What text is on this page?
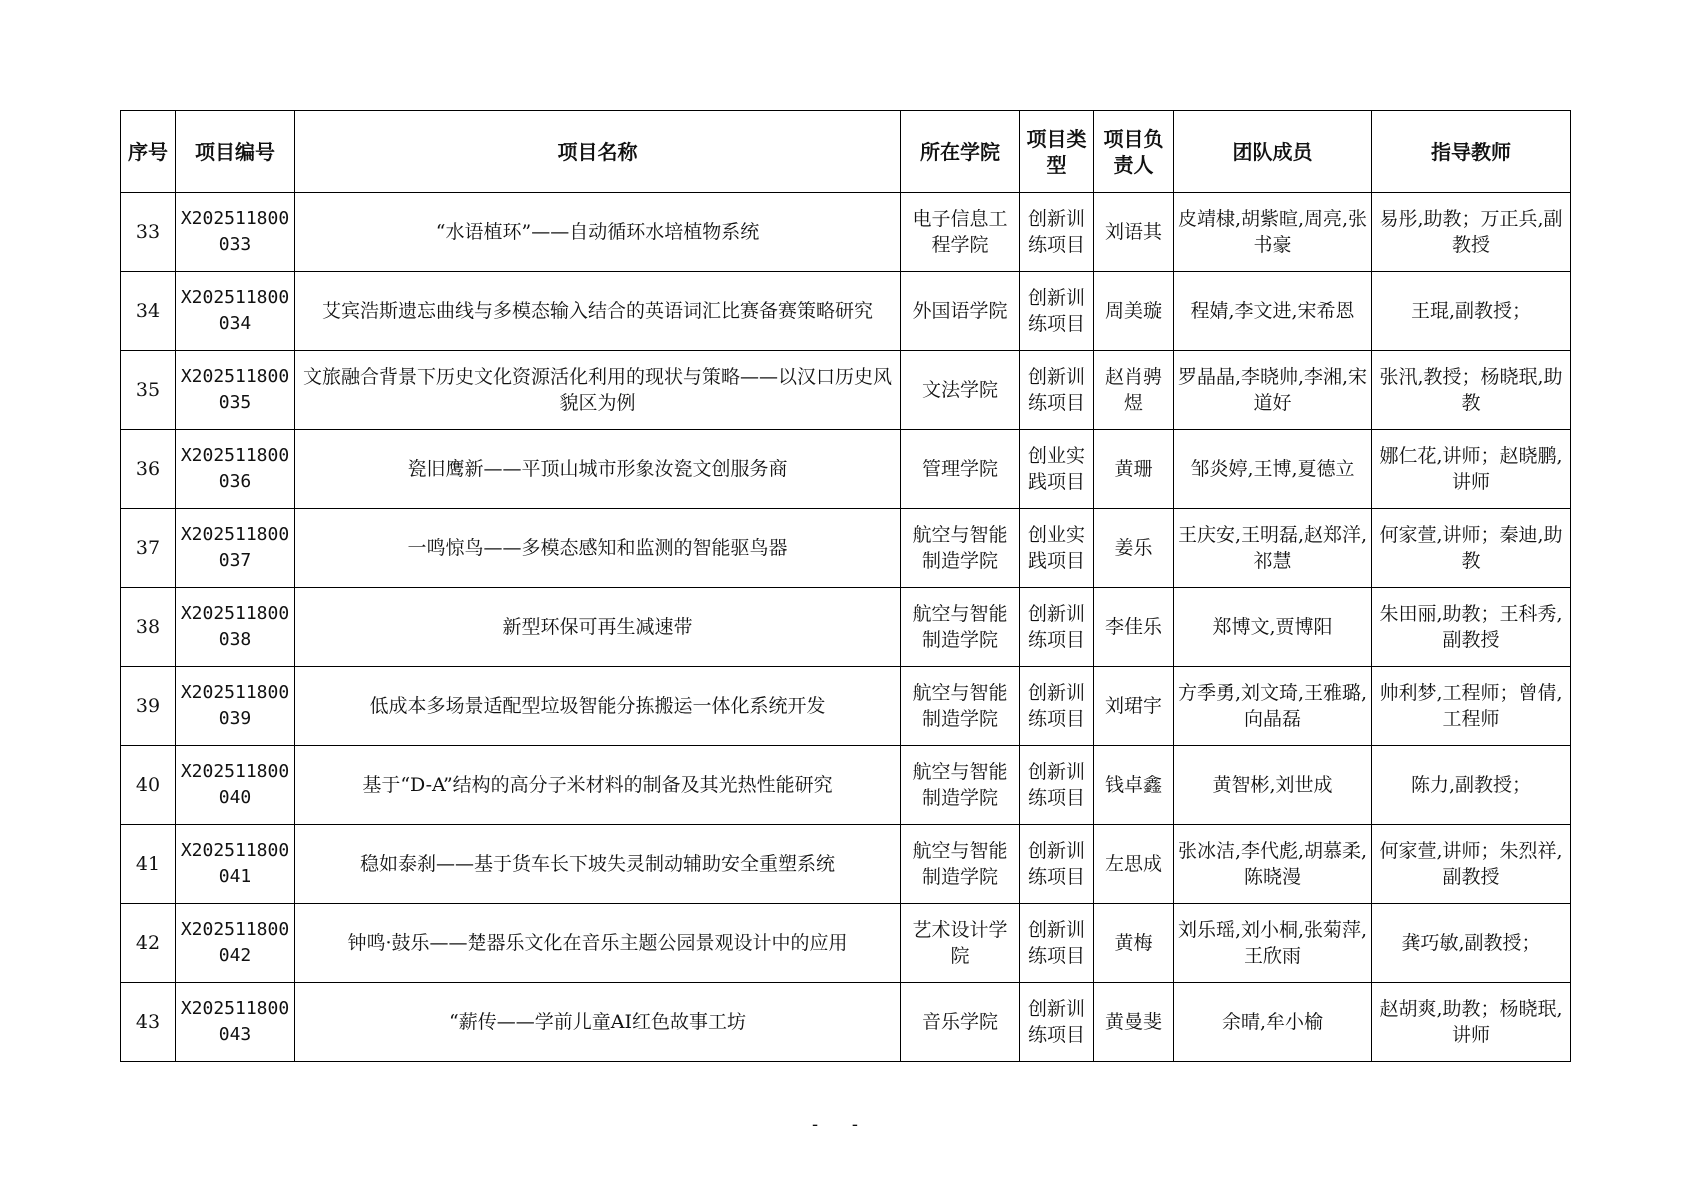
序号	项目编号	项目名称	所在学院	项目类型	项目负责人	团队成员	指导教师
33	X202511800033	“水语植环”——自动循环水培植物系统	电子信息工程学院	创新训练项目	刘语其	皮靖棣,胡紫暄,周亮,张书豪	易彤,助教；万正兵,副教授
34	X202511800034	艾宾浩斯遗忘曲线与多模态输入结合的英语词汇比赛备赛策略研究	外国语学院	创新训练项目	周美璇	程婧,李文进,宋希恩	王琨,副教授；
35	X202511800035	文旅融合背景下历史文化资源活化利用的现状与策略——以汉口历史风貌区为例	文法学院	创新训练项目	赵肖骋煜	罗晶晶,李晓帅,李湘,宋道好	张汛,教授；杨晓珉,助教
36	X202511800036	瓷旧鹰新——平顶山城市形象汝瓷文创服务商	管理学院	创业实践项目	黄珊	邹炎婷,王博,夏德立	娜仁花,讲师；赵晓鹏,讲师
37	X202511800037	一鸣惊鸟——多模态感知和监测的智能驱鸟器	航空与智能制造学院	创业实践项目	姜乐	王庆安,王明磊,赵郑洋,祁慧	何家萱,讲师；秦迪,助教
38	X202511800038	新型环保可再生减速带	航空与智能制造学院	创新训练项目	李佳乐	郑博文,贾博阳	朱田丽,助教；王科秀,副教授
39	X202511800039	低成本多场景适配型垃圾智能分拣搬运一体化系统开发	航空与智能制造学院	创新训练项目	刘珺宇	方季勇,刘文琦,王雅璐,向晶磊	帅利梦,工程师；曾倩,工程师
40	X202511800040	基于“D-A”结构的高分子米材料的制备及其光热性能研究	航空与智能制造学院	创新训练项目	钱卓鑫	黄智彬,刘世成	陈力,副教授；
41	X202511800041	稳如泰刹——基于货车长下坡失灵制动辅助安全重塑系统	航空与智能制造学院	创新训练项目	左思成	张冰洁,李代彪,胡慕柔,陈晓漫	何家萱,讲师；朱烈祥,副教授
42	X202511800042	钟鸣·鼓乐——楚器乐文化在音乐主题公园景观设计中的应用	艺术设计学院	创新训练项目	黄梅	刘乐瑶,刘小桐,张菊萍,王欣雨	龚巧敏,副教授；
43	X202511800043	“薪传——学前儿童AI红色故事工坊	音乐学院	创新训练项目	黄曼斐	余晴,牟小榆	赵胡爽,助教；杨晓珉,讲师
- -
